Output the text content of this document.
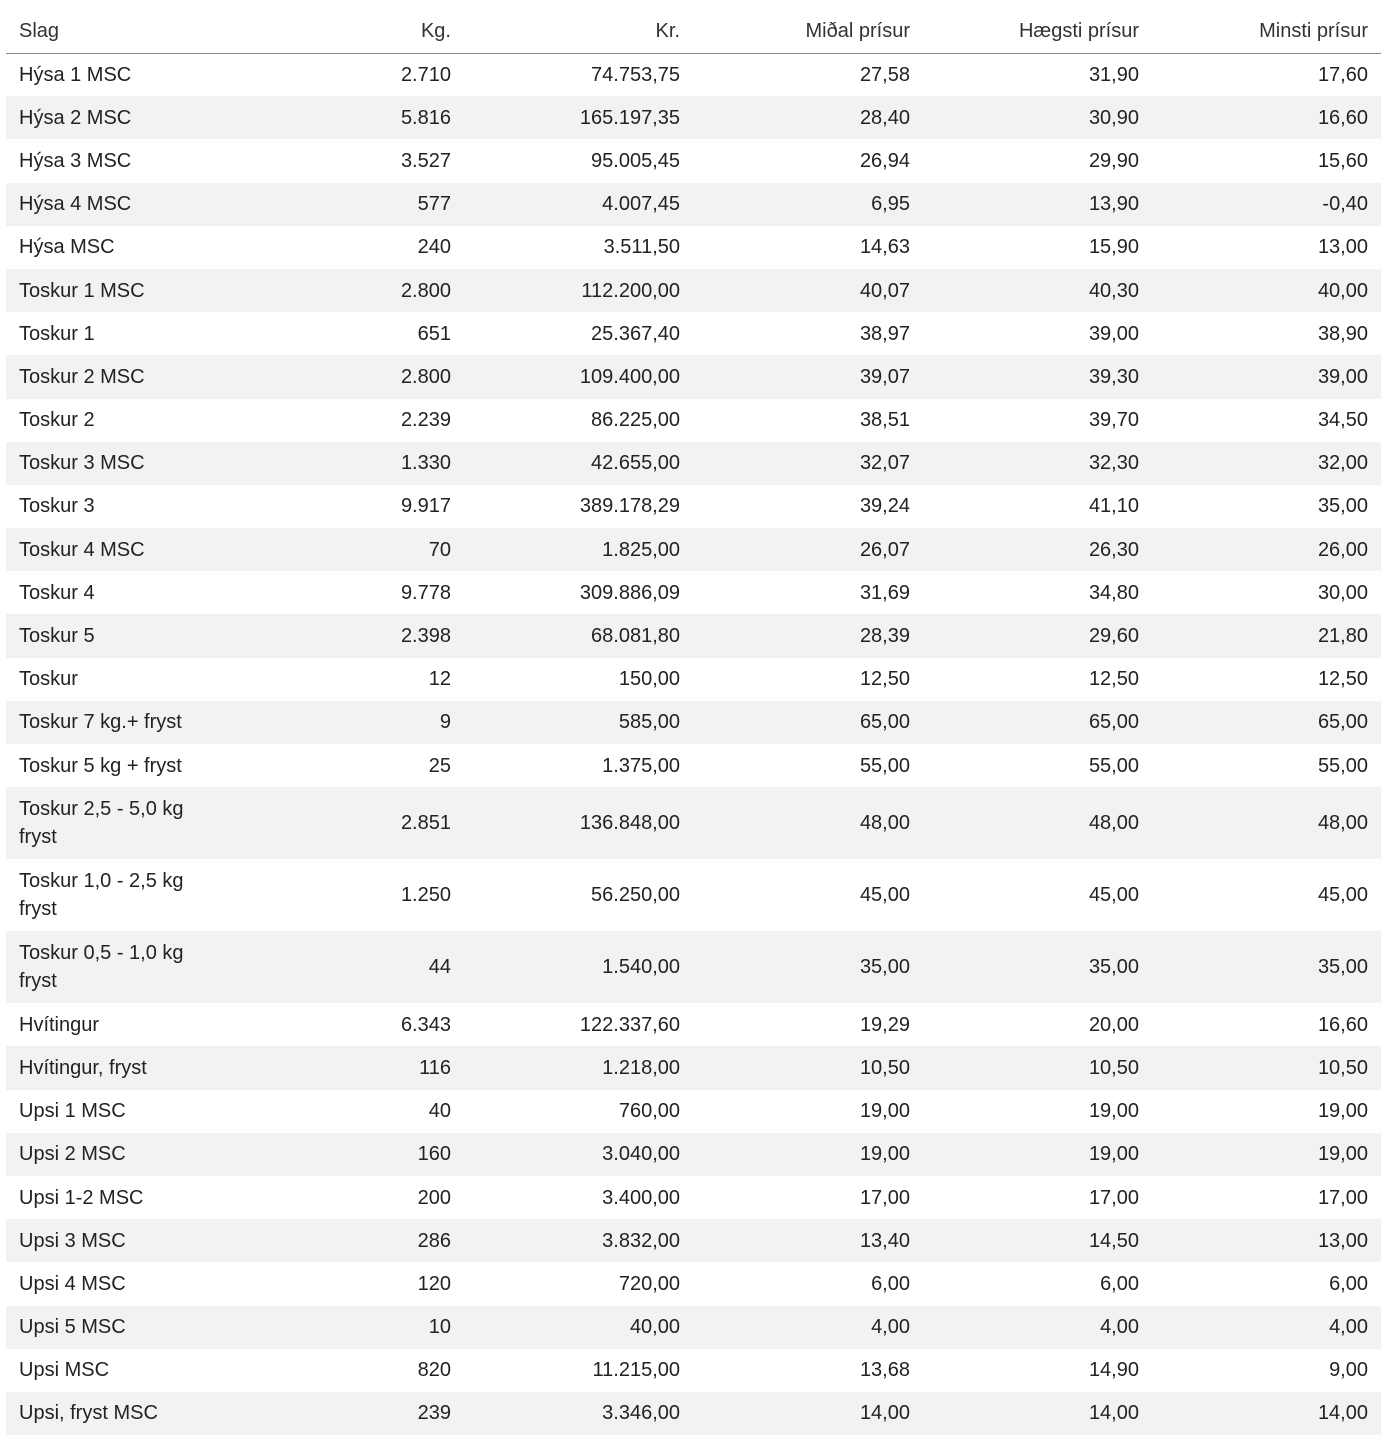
Slag	Kg.	Kr.	Miðal prísur	Hægsti prísur	Minsti prísur
Hýsa 1 MSC	2.710	74.753,75	27,58	31,90	17,60
Hýsa 2 MSC	5.816	165.197,35	28,40	30,90	16,60
Hýsa 3 MSC	3.527	95.005,45	26,94	29,90	15,60
Hýsa 4 MSC	577	4.007,45	6,95	13,90	-0,40
Hýsa MSC	240	3.511,50	14,63	15,90	13,00
Toskur 1 MSC	2.800	112.200,00	40,07	40,30	40,00
Toskur 1	651	25.367,40	38,97	39,00	38,90
Toskur 2 MSC	2.800	109.400,00	39,07	39,30	39,00
Toskur 2	2.239	86.225,00	38,51	39,70	34,50
Toskur 3 MSC	1.330	42.655,00	32,07	32,30	32,00
Toskur 3	9.917	389.178,29	39,24	41,10	35,00
Toskur 4 MSC	70	1.825,00	26,07	26,30	26,00
Toskur 4	9.778	309.886,09	31,69	34,80	30,00
Toskur 5	2.398	68.081,80	28,39	29,60	21,80
Toskur	12	150,00	12,50	12,50	12,50
Toskur 7 kg.+ fryst	9	585,00	65,00	65,00	65,00
Toskur 5 kg + fryst	25	1.375,00	55,00	55,00	55,00
Toskur 2,5 - 5,0 kg fryst	2.851	136.848,00	48,00	48,00	48,00
Toskur 1,0 - 2,5 kg fryst	1.250	56.250,00	45,00	45,00	45,00
Toskur 0,5 - 1,0 kg fryst	44	1.540,00	35,00	35,00	35,00
Hvítingur	6.343	122.337,60	19,29	20,00	16,60
Hvítingur, fryst	116	1.218,00	10,50	10,50	10,50
Upsi 1 MSC	40	760,00	19,00	19,00	19,00
Upsi 2 MSC	160	3.040,00	19,00	19,00	19,00
Upsi 1-2 MSC	200	3.400,00	17,00	17,00	17,00
Upsi 3 MSC	286	3.832,00	13,40	14,50	13,00
Upsi 4 MSC	120	720,00	6,00	6,00	6,00
Upsi 5 MSC	10	40,00	4,00	4,00	4,00
Upsi MSC	820	11.215,00	13,68	14,90	9,00
Upsi, fryst MSC	239	3.346,00	14,00	14,00	14,00
